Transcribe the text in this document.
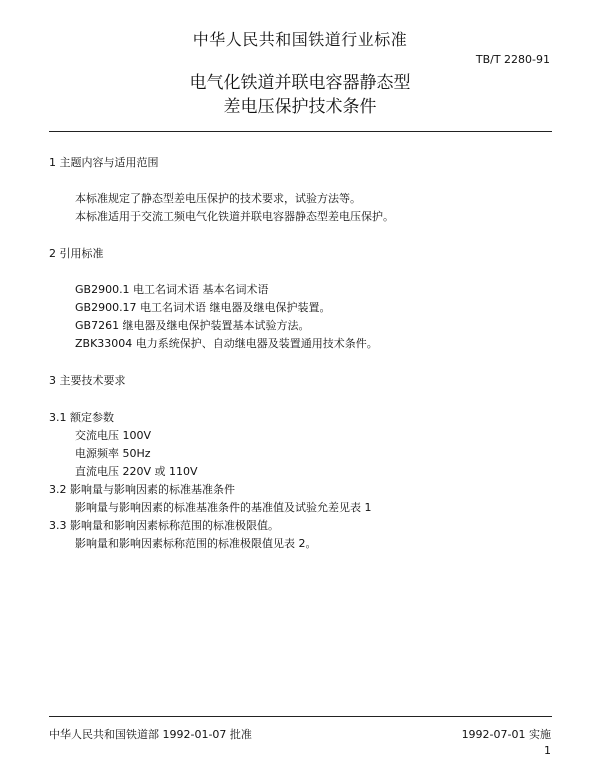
中华人民共和国铁道行业标准
TB/T 2280-91
电气化铁道并联电容器静态型
差电压保护技术条件
1 主题内容与适用范围
本标准规定了静态型差电压保护的技术要求，试验方法等。
本标准适用于交流工频电气化铁道并联电容器静态型差电压保护。
2 引用标准
GB2900.1 电工名词术语 基本名词术语
GB2900.17 电工名词术语 继电器及继电保护装置。
GB7261 继电器及继电保护装置基本试验方法。
ZBK33004 电力系统保护、自动继电器及装置通用技术条件。
3 主要技术要求
3.1 额定参数
交流电压 100V
电源频率 50Hz
直流电压 220V 或 110V
3.2 影响量与影响因素的标准基准条件
影响量与影响因素的标准基准条件的基准值及试验允差见表 1
3.3 影响量和影响因素标称范围的标准极限值。
影响量和影响因素标称范围的标准极限值见表 2。
中华人民共和国铁道部 1992-01-07 批准	1992-07-01 实施
1
